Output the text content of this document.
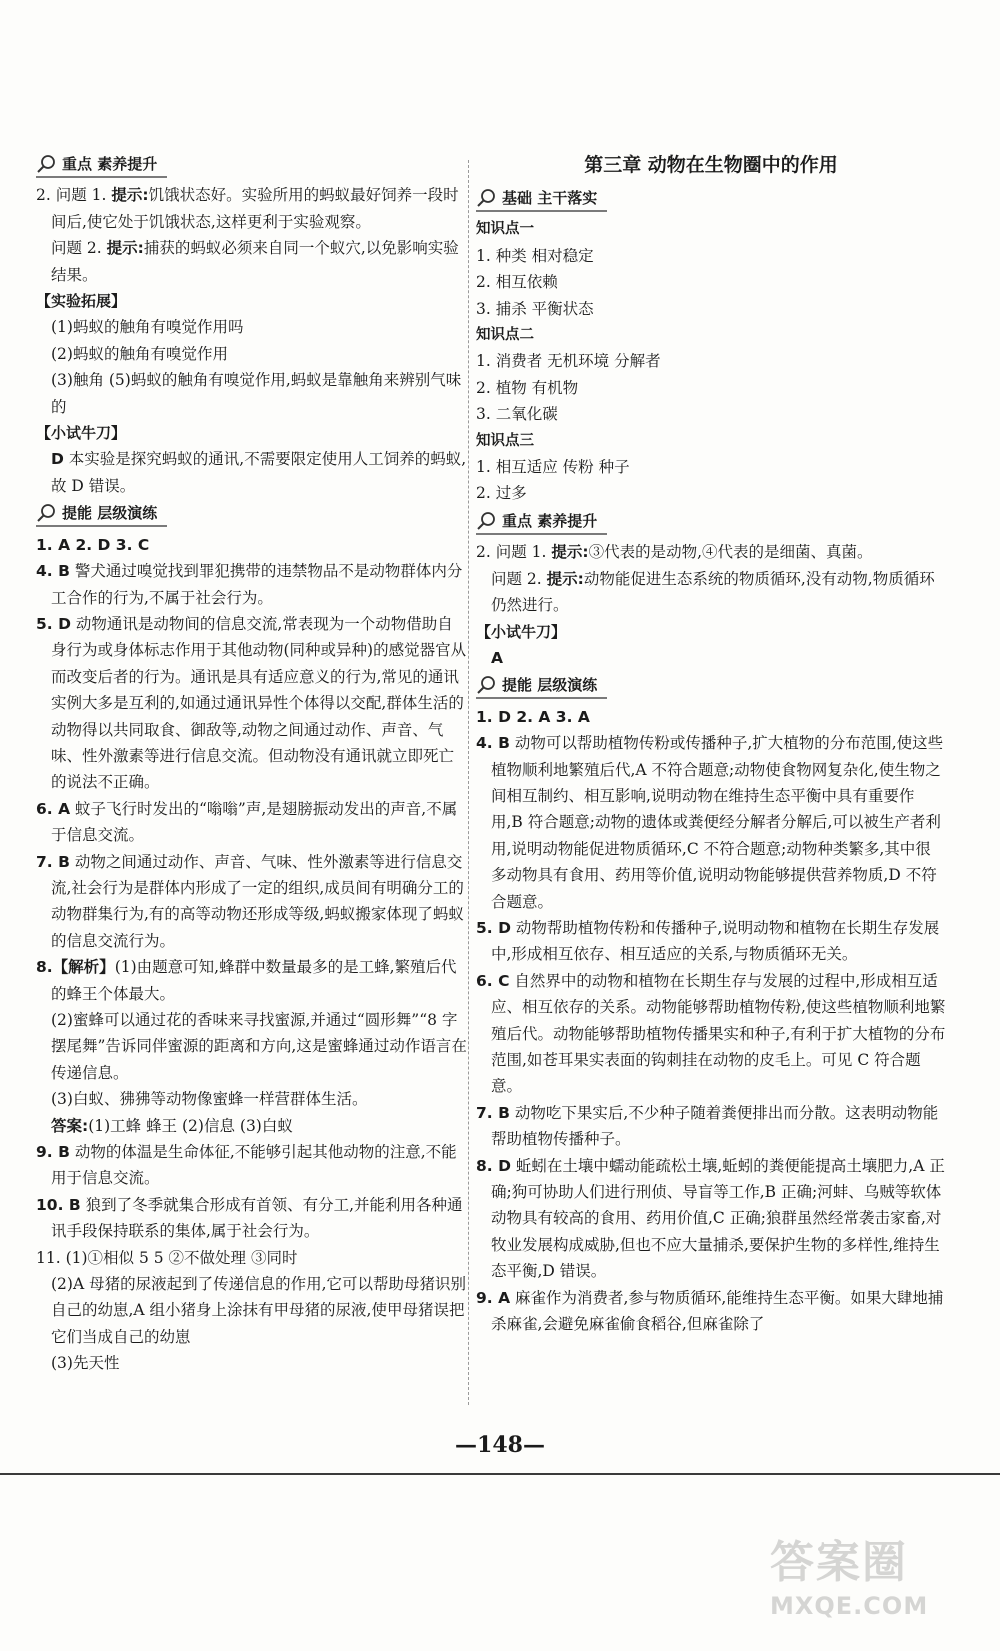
重点 素养提升

2. 问题 1. 提示:饥饿状态好。实验所用的蚂蚁最好饲养一段时间后,使它处于饥饿状态,这样更利于实验观察。

问题 2. 提示:捕获的蚂蚁必须来自同一个蚁穴,以免影响实验结果。

【实验拓展】

(1)蚂蚁的触角有嗅觉作用吗

(2)蚂蚁的触角有嗅觉作用

(3)触角 (5)蚂蚁的触角有嗅觉作用,蚂蚁是靠触角来辨别气味的

【小试牛刀】

D 本实验是探究蚂蚁的通讯,不需要限定使用人工饲养的蚂蚁,故 D 错误。

提能 层级演练

1. A 2. D 3. C

4. B 警犬通过嗅觉找到罪犯携带的违禁物品不是动物群体内分工合作的行为,不属于社会行为。

5. D 动物通讯是动物间的信息交流,常表现为一个动物借助自身行为或身体标志作用于其他动物(同种或异种)的感觉器官从而改变后者的行为。通讯是具有适应意义的行为,常见的通讯实例大多是互利的,如通过通讯异性个体得以交配,群体生活的动物得以共同取食、御敌等,动物之间通过动作、声音、气味、性外激素等进行信息交流。但动物没有通讯就立即死亡的说法不正确。

6. A 蚊子飞行时发出的“嗡嗡”声,是翅膀振动发出的声音,不属于信息交流。

7. B 动物之间通过动作、声音、气味、性外激素等进行信息交流,社会行为是群体内形成了一定的组织,成员间有明确分工的动物群集行为,有的高等动物还形成等级,蚂蚁搬家体现了蚂蚁的信息交流行为。

8.【解析】(1)由题意可知,蜂群中数量最多的是工蜂,繁殖后代的蜂王个体最大。

(2)蜜蜂可以通过花的香味来寻找蜜源,并通过“圆形舞”“8 字摆尾舞”告诉同伴蜜源的距离和方向,这是蜜蜂通过动作语言在传递信息。

(3)白蚁、狒狒等动物像蜜蜂一样营群体生活。

答案:(1)工蜂 蜂王 (2)信息 (3)白蚁

9. B 动物的体温是生命体征,不能够引起其他动物的注意,不能用于信息交流。

10. B 狼到了冬季就集合形成有首领、有分工,并能利用各种通讯手段保持联系的集体,属于社会行为。

11. (1)①相似 5 5 ②不做处理 ③同时

(2)A 母猪的尿液起到了传递信息的作用,它可以帮助母猪识别自己的幼崽,A 组小猪身上涂抹有甲母猪的尿液,使甲母猪误把它们当成自己的幼崽

(3)先天性

第三章 动物在生物圈中的作用
基础 主干落实

知识点一

1. 种类 相对稳定

2. 相互依赖

3. 捕杀 平衡状态

知识点二

1. 消费者 无机环境 分解者

2. 植物 有机物

3. 二氧化碳

知识点三

1. 相互适应 传粉 种子

2. 过多

重点 素养提升

2. 问题 1. 提示:③代表的是动物,④代表的是细菌、真菌。

问题 2. 提示:动物能促进生态系统的物质循环,没有动物,物质循环仍然进行。

【小试牛刀】

A

提能 层级演练

1. D 2. A 3. A

4. B 动物可以帮助植物传粉或传播种子,扩大植物的分布范围,使这些植物顺利地繁殖后代,A 不符合题意;动物使食物网复杂化,使生物之间相互制约、相互影响,说明动物在维持生态平衡中具有重要作用,B 符合题意;动物的遗体或粪便经分解者分解后,可以被生产者利用,说明动物能促进物质循环,C 不符合题意;动物种类繁多,其中很多动物具有食用、药用等价值,说明动物能够提供营养物质,D 不符合题意。

5. D 动物帮助植物传粉和传播种子,说明动物和植物在长期生存发展中,形成相互依存、相互适应的关系,与物质循环无关。

6. C 自然界中的动物和植物在长期生存与发展的过程中,形成相互适应、相互依存的关系。动物能够帮助植物传粉,使这些植物顺利地繁殖后代。动物能够帮助植物传播果实和种子,有利于扩大植物的分布范围,如苍耳果实表面的钩刺挂在动物的皮毛上。可见 C 符合题意。

7. B 动物吃下果实后,不少种子随着粪便排出而分散。这表明动物能帮助植物传播种子。

8. D 蚯蚓在土壤中蠕动能疏松土壤,蚯蚓的粪便能提高土壤肥力,A 正确;狗可协助人们进行刑侦、导盲等工作,B 正确;河蚌、乌贼等软体动物具有较高的食用、药用价值,C 正确;狼群虽然经常袭击家畜,对牧业发展构成威胁,但也不应大量捕杀,要保护生物的多样性,维持生态平衡,D 错误。

9. A 麻雀作为消费者,参与物质循环,能维持生态平衡。如果大肆地捕杀麻雀,会避免麻雀偷食稻谷,但麻雀除了

—148—
答案圈
MXQE.COM
